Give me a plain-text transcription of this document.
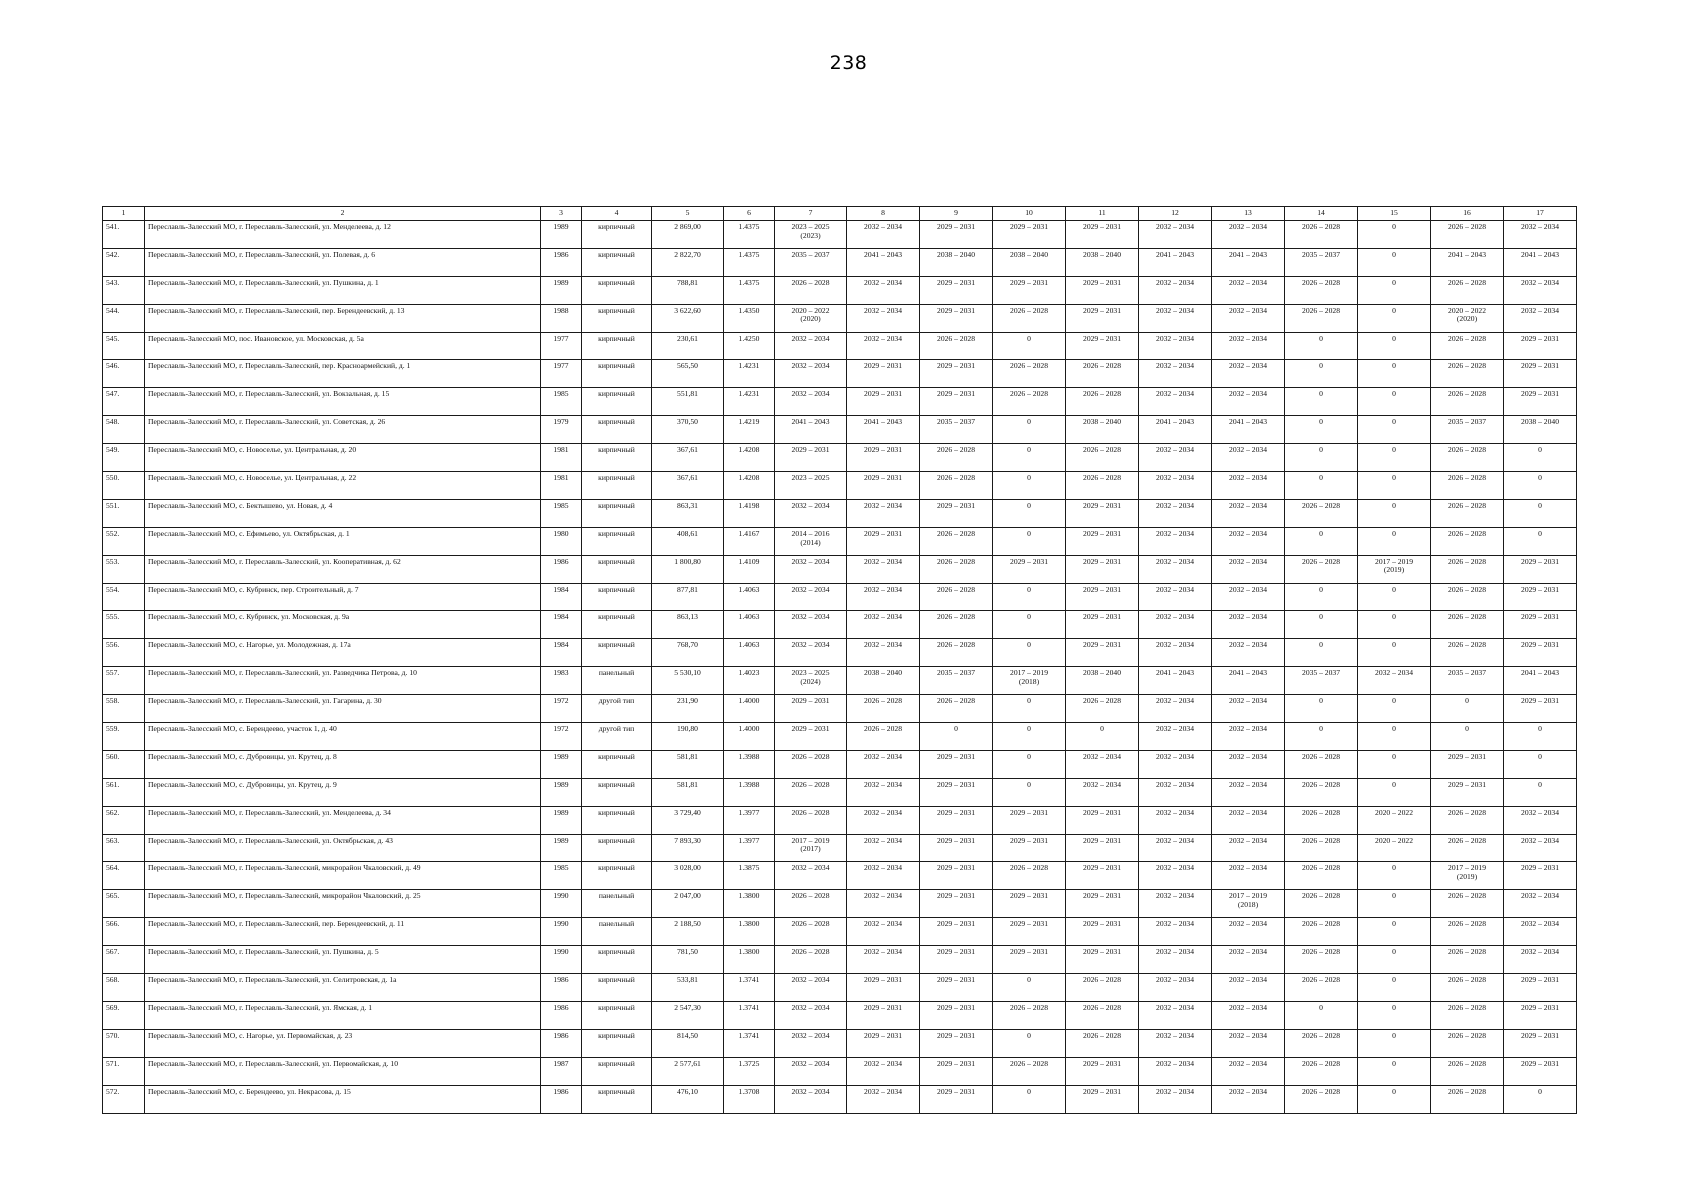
238
1	2	3	4	5	6	7	8	9	10	11	12	13	14	15	16	17

541.	Переславль-Залесский МО, г. Переславль-Залесский, ул. Менделеева, д. 12	1989	кирпичный	2 869,00	1.4375	2023 – 2025
(2023)	2032 – 2034	2029 – 2031	2029 – 2031	2029 – 2031	2032 – 2034	2032 – 2034	2026 – 2028	0	2026 – 2028	2032 – 2034

542.	Переславль-Залесский МО, г. Переславль-Залесский, ул. Полевая, д. 6	1986	кирпичный	2 822,70	1.4375	2035 – 2037	2041 – 2043	2038 – 2040	2038 – 2040	2038 – 2040	2041 – 2043	2041 – 2043	2035 – 2037	0	2041 – 2043	2041 – 2043

543.	Переславль-Залесский МО, г. Переславль-Залесский, ул. Пушкина, д. 1	1989	кирпичный	788,81	1.4375	2026 – 2028	2032 – 2034	2029 – 2031	2029 – 2031	2029 – 2031	2032 – 2034	2032 – 2034	2026 – 2028	0	2026 – 2028	2032 – 2034

544.	Переславль-Залесский МО, г. Переславль-Залесский, пер. Берендеевский, д. 13	1988	кирпичный	3 622,60	1.4350	2020 – 2022
(2020)	2032 – 2034	2029 – 2031	2026 – 2028	2029 – 2031	2032 – 2034	2032 – 2034	2026 – 2028	0	2020 – 2022
(2020)	2032 – 2034

545.	Переславль-Залесский МО, пос. Ивановское, ул. Московская, д. 5а	1977	кирпичный	230,61	1.4250	2032 – 2034	2032 – 2034	2026 – 2028	0	2029 – 2031	2032 – 2034	2032 – 2034	0	0	2026 – 2028	2029 – 2031

546.	Переславль-Залесский МО, г. Переславль-Залесский, пер. Красноармейский, д. 1	1977	кирпичный	565,50	1.4231	2032 – 2034	2029 – 2031	2029 – 2031	2026 – 2028	2026 – 2028	2032 – 2034	2032 – 2034	0	0	2026 – 2028	2029 – 2031

547.	Переславль-Залесский МО, г. Переславль-Залесский, ул. Вокзальная, д. 15	1985	кирпичный	551,81	1.4231	2032 – 2034	2029 – 2031	2029 – 2031	2026 – 2028	2026 – 2028	2032 – 2034	2032 – 2034	0	0	2026 – 2028	2029 – 2031

548.	Переславль-Залесский МО, г. Переславль-Залесский, ул. Советская, д. 26	1979	кирпичный	370,50	1.4219	2041 – 2043	2041 – 2043	2035 – 2037	0	2038 – 2040	2041 – 2043	2041 – 2043	0	0	2035 – 2037	2038 – 2040

549.	Переславль-Залесский МО, с. Новоселье, ул. Центральная, д. 20	1981	кирпичный	367,61	1.4208	2029 – 2031	2029 – 2031	2026 – 2028	0	2026 – 2028	2032 – 2034	2032 – 2034	0	0	2026 – 2028	0

550.	Переславль-Залесский МО, с. Новоселье, ул. Центральная, д. 22	1981	кирпичный	367,61	1.4208	2023 – 2025	2029 – 2031	2026 – 2028	0	2026 – 2028	2032 – 2034	2032 – 2034	0	0	2026 – 2028	0

551.	Переславль-Залесский МО, с. Бектышево, ул. Новая, д. 4	1985	кирпичный	863,31	1.4198	2032 – 2034	2032 – 2034	2029 – 2031	0	2029 – 2031	2032 – 2034	2032 – 2034	2026 – 2028	0	2026 – 2028	0

552.	Переславль-Залесский МО, с. Ефимьево, ул. Октябрьская, д. 1	1980	кирпичный	408,61	1.4167	2014 – 2016
(2014)	2029 – 2031	2026 – 2028	0	2029 – 2031	2032 – 2034	2032 – 2034	0	0	2026 – 2028	0

553.	Переславль-Залесский МО, г. Переславль-Залесский, ул. Кооперативная, д. 62	1986	кирпичный	1 800,80	1.4109	2032 – 2034	2032 – 2034	2026 – 2028	2029 – 2031	2029 – 2031	2032 – 2034	2032 – 2034	2026 – 2028	2017 – 2019
(2019)	2026 – 2028	2029 – 2031

554.	Переславль-Залесский МО, с. Кубринск, пер. Строительный, д. 7	1984	кирпичный	877,81	1.4063	2032 – 2034	2032 – 2034	2026 – 2028	0	2029 – 2031	2032 – 2034	2032 – 2034	0	0	2026 – 2028	2029 – 2031

555.	Переславль-Залесский МО, с. Кубринск, ул. Московская, д. 9а	1984	кирпичный	863,13	1.4063	2032 – 2034	2032 – 2034	2026 – 2028	0	2029 – 2031	2032 – 2034	2032 – 2034	0	0	2026 – 2028	2029 – 2031

556.	Переславль-Залесский МО, с. Нагорье, ул. Молодежная, д. 17а	1984	кирпичный	768,70	1.4063	2032 – 2034	2032 – 2034	2026 – 2028	0	2029 – 2031	2032 – 2034	2032 – 2034	0	0	2026 – 2028	2029 – 2031

557.	Переславль-Залесский МО, г. Переславль-Залесский, ул. Разведчика Петрова, д. 10	1983	панельный	5 530,10	1.4023	2023 – 2025
(2024)	2038 – 2040	2035 – 2037	2017 – 2019
(2018)	2038 – 2040	2041 – 2043	2041 – 2043	2035 – 2037	2032 – 2034	2035 – 2037	2041 – 2043

558.	Переславль-Залесский МО, г. Переславль-Залесский, ул. Гагарина, д. 30	1972	другой тип	231,90	1.4000	2029 – 2031	2026 – 2028	2026 – 2028	0	2026 – 2028	2032 – 2034	2032 – 2034	0	0	0	2029 – 2031

559.	Переславль-Залесский МО, с. Берендеево, участок 1, д. 40	1972	другой тип	190,80	1.4000	2029 – 2031	2026 – 2028	0	0	0	2032 – 2034	2032 – 2034	0	0	0	0

560.	Переславль-Залесский МО, с. Дубровицы, ул. Крутец, д. 8	1989	кирпичный	581,81	1.3988	2026 – 2028	2032 – 2034	2029 – 2031	0	2032 – 2034	2032 – 2034	2032 – 2034	2026 – 2028	0	2029 – 2031	0

561.	Переславль-Залесский МО, с. Дубровицы, ул. Крутец, д. 9	1989	кирпичный	581,81	1.3988	2026 – 2028	2032 – 2034	2029 – 2031	0	2032 – 2034	2032 – 2034	2032 – 2034	2026 – 2028	0	2029 – 2031	0

562.	Переславль-Залесский МО, г. Переславль-Залесский, ул. Менделеева, д. 34	1989	кирпичный	3 729,40	1.3977	2026 – 2028	2032 – 2034	2029 – 2031	2029 – 2031	2029 – 2031	2032 – 2034	2032 – 2034	2026 – 2028	2020 – 2022	2026 – 2028	2032 – 2034

563.	Переславль-Залесский МО, г. Переславль-Залесский, ул. Октябрьская, д. 43	1989	кирпичный	7 893,30	1.3977	2017 – 2019
(2017)	2032 – 2034	2029 – 2031	2029 – 2031	2029 – 2031	2032 – 2034	2032 – 2034	2026 – 2028	2020 – 2022	2026 – 2028	2032 – 2034

564.	Переславль-Залесский МО, г. Переславль-Залесский, микрорайон Чкаловский, д. 49	1985	кирпичный	3 028,00	1.3875	2032 – 2034	2032 – 2034	2029 – 2031	2026 – 2028	2029 – 2031	2032 – 2034	2032 – 2034	2026 – 2028	0	2017 – 2019
(2019)	2029 – 2031

565.	Переславль-Залесский МО, г. Переславль-Залесский, микрорайон Чкаловский, д. 25	1990	панельный	2 047,00	1.3800	2026 – 2028	2032 – 2034	2029 – 2031	2029 – 2031	2029 – 2031	2032 – 2034	2017 – 2019
(2018)	2026 – 2028	0	2026 – 2028	2032 – 2034

566.	Переславль-Залесский МО, г. Переславль-Залесский, пер. Берендеевский, д. 11	1990	панельный	2 188,50	1.3800	2026 – 2028	2032 – 2034	2029 – 2031	2029 – 2031	2029 – 2031	2032 – 2034	2032 – 2034	2026 – 2028	0	2026 – 2028	2032 – 2034

567.	Переславль-Залесский МО, г. Переславль-Залесский, ул. Пушкина, д. 5	1990	кирпичный	781,50	1.3800	2026 – 2028	2032 – 2034	2029 – 2031	2029 – 2031	2029 – 2031	2032 – 2034	2032 – 2034	2026 – 2028	0	2026 – 2028	2032 – 2034

568.	Переславль-Залесский МО, г. Переславль-Залесский, ул. Селитровская, д. 1а	1986	кирпичный	533,81	1.3741	2032 – 2034	2029 – 2031	2029 – 2031	0	2026 – 2028	2032 – 2034	2032 – 2034	2026 – 2028	0	2026 – 2028	2029 – 2031

569.	Переславль-Залесский МО, г. Переславль-Залесский, ул. Ямская, д. 1	1986	кирпичный	2 547,30	1.3741	2032 – 2034	2029 – 2031	2029 – 2031	2026 – 2028	2026 – 2028	2032 – 2034	2032 – 2034	0	0	2026 – 2028	2029 – 2031

570.	Переславль-Залесский МО, с. Нагорье, ул. Первомайская, д. 23	1986	кирпичный	814,50	1.3741	2032 – 2034	2029 – 2031	2029 – 2031	0	2026 – 2028	2032 – 2034	2032 – 2034	2026 – 2028	0	2026 – 2028	2029 – 2031

571.	Переславль-Залесский МО, г. Переславль-Залесский, ул. Первомайская, д. 10	1987	кирпичный	2 577,61	1.3725	2032 – 2034	2032 – 2034	2029 – 2031	2026 – 2028	2029 – 2031	2032 – 2034	2032 – 2034	2026 – 2028	0	2026 – 2028	2029 – 2031

572.	Переславль-Залесский МО, с. Берендеево, ул. Некрасова, д. 15	1986	кирпичный	476,10	1.3708	2032 – 2034	2032 – 2034	2029 – 2031	0	2029 – 2031	2032 – 2034	2032 – 2034	2026 – 2028	0	2026 – 2028	0
